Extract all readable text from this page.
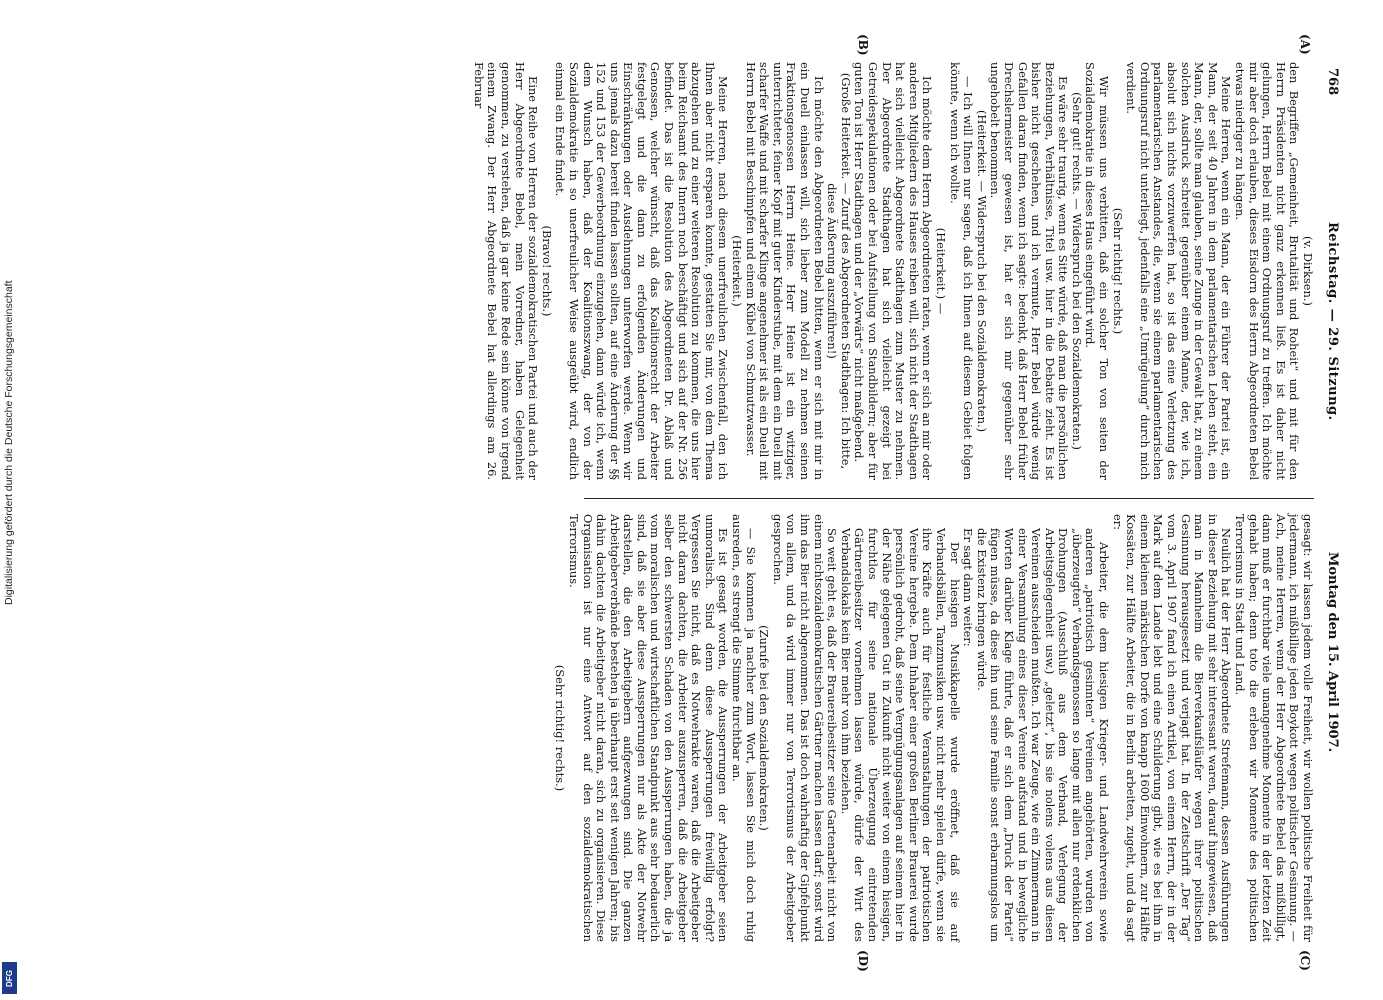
768
Reichstag. — 29. Sitzung.
Montag den 15. April 1907.
(A)
(B)
(C)
(D)

(v. Dirksen.)

den Begriffen „Gemeinheit, Brutalität und Roheit“ und mit für den Herrn Präsidenten nicht ganz erkennen ließ. Es ist daher nicht gelungen, Herrn Bebel mit einem Ordnungsruf zu treffen. Ich möchte mir aber doch erlauben, dieses Eisdorn des Herrn Abgeordneten Bebel etwas niedriger zu hängen.

Meine Herren, wenn ein Mann, der ein Führer der Partei ist, ein Mann, der seit 40 Jahren in dem parlamentarischen Leben steht, ein Mann, der, sollte man glauben, seine Zunge in der Gewalt hat, zu einem solchen Ausdruck schreitet gegenüber einem Manne, der, wie ich, absolut sich nichts vorzuwerfen hat, so ist das eine Verletzung des parlamentarischen Anstandes, die, wenn sie einem parlamentarischen Ordnungsruf nicht unterliegt, jedenfalls eine „Umrügelung“ durch mich verdient.

(Sehr richtig! rechts.)

Wir müssen uns verbitten, daß ein solcher Ton von seiten der Sozialdemokratie in dieses Haus eingeführt wird.

(Sehr gut! rechts. — Widerspruch bei den Sozialdemokraten.)

Es wäre sehr traurig, wenn es Sitte würde, daß man die persönlichen Beziehungen, Verhältnisse, Titel usw. hier in die Debatte zieht. Es ist bisher nicht geschehen, und ich vermute, Herr Bebel würde wenig Gefallen daran finden, wenn ich sagte: bedenkt, daß Herr Bebel früher Drechslermeister gewesen ist, hat er sich mir gegenüber sehr ungehobelt benommen.

(Heiterkeit. — Widerspruch bei den Sozialdemokraten.)

— Ich will Ihnen nur sagen, daß ich Ihnen auf diesem Gebiet folgen könnte, wenn ich wollte.

(Heiterkeit.) —

Ich möchte dem Herrn Abgeordneten raten, wenn er sich an mir oder anderen Mitgliedern des Hauses reiben will, sich nicht der Stadthagen hat sich vielleicht Abgeordnete Stadthagen zum Muster zu nehmen. Der Abgeordnete Stadthagen hat sich vielleicht gezeigt bei Getreidespekulationen oder bei Aufstellung von Standbildern; aber für guten Ton ist Herr Stadthagen und der „Vorwärts“ nicht maßgebend.

(Große Heiterkeit. — Zuruf des Abgeordneten Stadthagen: Ich bitte, diese Äußerung auszuführen!)

Ich möchte den Abgeordneten Bebel bitten, wenn er sich mit mir in ein Duell einlassen will, sich lieber zum Modell zu nehmen seinen Fraktionsgenossen Herrn Heine. Herr Heine ist ein witziger, unterrichteter, feiner Kopf mit guter Kinderstube, mit dem ein Duell mit scharfer Waffe und mit scharfer Klinge angenehmer ist als ein Duell mit Herrn Bebel mit Beschimpfen und einem Kübel von Schmutzwasser.

(Heiterkeit.)

Meine Herren, nach diesem unerfreulichen Zwischenfall, den ich Ihnen aber nicht ersparen konnte, gestatten Sie mir, von dem Thema abzugehen und zu einer weiteren Resolution zu kommen, die uns hier beim Reichsamt des Innern noch beschäftigt und sich auf der Nr. 256 befindet. Das ist die Resolution des Abgeordneten Dr. Ablaß und Genossen, welcher wünscht, daß das Koalitionsrecht der Arbeiter festgelegt und die dann zu erfolgenden Änderungen und Einschränkungen oder Ausdehnungen unterworfen werde. Wenn wir uns jemals dazu bereit finden lassen sollten, auf eine Änderung der §§ 152 und 153 der Gewerbeordnung einzugehen, dann würde ich, wenn dem Wunsch haben, daß der Koalitionszwang, der von der Sozialdemokratie in so unerfreulicher Weise ausgeübt wird, endlich einmal ein Ende findet.

(Bravo! rechts.)

Eine Reihe von Herren der sozialdemokratischen Partei und auch der Herr Abgeordnete Bebel, mein Vorredner, haben Gelegenheit genommen, zu verstehen, daß ja gar keine Rede sein könne von irgend einem Zwang. Der Herr Abgeordnete Bebel hat allerdings am 26. Februar

gesagt: wir lassen jedem volle Freiheit, wir wollen politische Freiheit für jedermann, ich mißbillige jeden Boykott wegen politischer Gesinnung. — Ach, meine Herren, wenn der Herr Abgeordnete Bebel das mißbilligt, dann muß er furchtbar viele unangenehme Momente in der letzten Zeit gehabt haben; denn toto die erleben wir Momente des politischen Terrorismus in Stadt und Land.

Neulich hat der Herr Abgeordnete Strefemann, dessen Ausführungen in dieser Beziehung mit sehr interessant waren, darauf hingewiesen, daß man in Mannheim die Bierverkaufsläufer wegen ihrer politischen Gesinnung herausgesetzt und verjagt hat. In der Zeitschrift „Der Tag“ vom 3. April 1907 fand ich einen Artikel, von einem Herrn, der in der Mark auf dem Lande lebt und eine Schilderung gibt, wie es bei ihm in einem kleinen märkischen Dorfe von knapp 1600 Einwohnern, zur Hälfte Kossäten, zur Hälfte Arbeiter, die in Berlin arbeiten, zugeht, und da sagt er:

Arbeiter, die dem hiesigen Krieger- und Landwehrverein sowie anderen „patriotisch gesinnten“ Vereinen angehörten, wurden von „überzeugten“ Verbandsgenossen so lange mit allen nur erdenklichen Drohungen (Ausschluß aus dem Verband, Verlegung der Arbeitsgelegenheit usw.) „geletzt“, bis sie nolens volens aus diesen Vereinen ausscheiden mußten. Ich war Zeuge, wie ein Zimmermann in einer Versammlung eines dieser Vereine aufstand und in bewegliche Worten darüber Klage führte, daß er sich dem „Druck der Partei“ fügen müsse, da diese ihn und seine Familie sonst erbarmungslos um die Existenz bringen würde.

Er sagt dann weiter:

Der hiesigen Musikkapelle wurde eröffnet, daß sie auf Verbandsbällen, Tanzmusiken usw. nicht mehr spielen dürfe, wenn sie ihre Kräfte auch für festliche Veranstaltungen der patriotischen Vereine hergebe. Dem Inhaber einer großen Berliner Brauerei wurde persönlich gedroht, daß seine Vergnügungsanlagen auf seinem hier in der Nähe gelegenen Gut in Zukunft nicht weiter von einem hiesigen, furchtlos für seine nationale Überzeugung eintretenden Gärtnereibesitzer vornehmen lassen würde, dürfe der Wirt des Verbandslokals kein Bier mehr von ihm beziehen.

So weit geht es, daß der Brauereibesitzer seine Gartenarbeit nicht von einem nichtsozialdemokratischen Gärtner machen lassen darf; sonst wird ihm das Bier nicht abgenommen. Das ist doch wahrhaftig der Gipfelpunkt von allem, und da wird immer nur von Terrorismus der Arbeitgeber gesprochen.

(Zurufe bei den Sozialdemokraten.)

— Sie kommen ja nachher zum Wort, lassen Sie mich doch ruhig ausreden, es strengt die Stimme furchtbar an.

Es ist gesagt worden, die Aussperrungen der Arbeitgeber seien unmoralisch. Sind denn diese Aussperrungen freiwillig erfolgt? Vergessen Sie nicht, daß es Notwehrakte waren, daß die Arbeitgeber nicht daran dachten, die Arbeiter auszusperren, daß die Arbeitgeber selber den schwersten Schaden von den Aussperrungen haben, die ja vom moralischen und wirtschaftlichen Standpunkt aus sehr bedauerlich sind, daß sie aber diese Aussperrungen nur als Akte der Notwehr darstellen, die den Arbeitgebern aufgezwungen sind. Die ganzen Arbeitgeberverbände bestehen ja überhaupt erst seit wenigen Jahren; bis dahin dachten die Arbeitgeber nicht daran, sich zu organisieren. Diese Organisation ist nur eine Antwort auf den sozialdemokratischen Terrorismus.

(Sehr richtig! rechts.)

Digitalisierung gefördert durch die Deutsche Forschungsgemeinschaft
DFG
